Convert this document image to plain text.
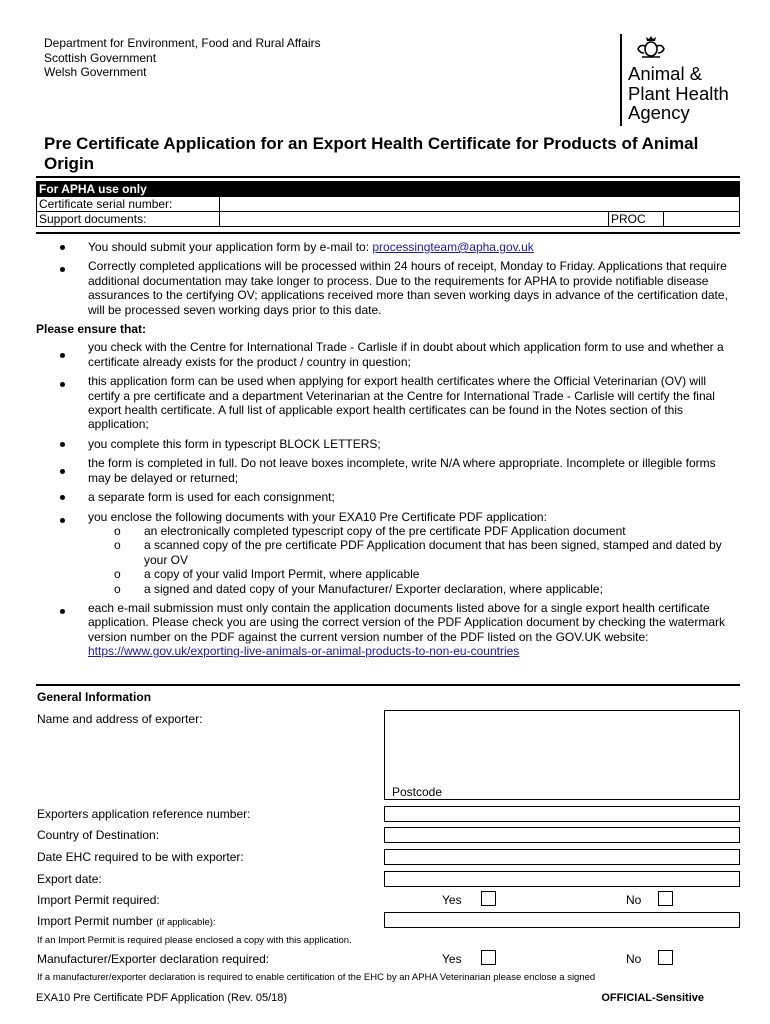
Department for Environment, Food and Rural Affairs
Scottish Government
Welsh Government	Animal &
Plant Health
Agency
Pre Certificate Application for an Export Health Certificate for Products of Animal Origin
For APHA use only			
Certificate serial number:			
Support documents:		PROC	
You should submit your application form by e-mail to: processingteam@apha.gov.uk
Correctly completed applications will be processed within 24 hours of receipt, Monday to Friday. Applications that require additional documentation may take longer to process. Due to the requirements for APHA to provide notifiable disease assurances to the certifying OV; applications received more than seven working days in advance of the certification date, will be processed seven working days prior to this date.
Please ensure that:
you check with the Centre for International Trade - Carlisle if in doubt about which application form to use and whether a certificate already exists for the product / country in question;
this application form can be used when applying for export health certificates where the Official Veterinarian (OV) will certify a pre certificate and a department Veterinarian at the Centre for International Trade - Carlisle will certify the final export health certificate. A full list of applicable export health certificates can be found in the Notes section of this application;
you complete this form in typescript BLOCK LETTERS;
the form is completed in full. Do not leave boxes incomplete, write N/A where appropriate. Incomplete or illegible forms may be delayed or returned;
a separate form is used for each consignment;
you enclose the following documents with your EXA10 Pre Certificate PDF application:
o an electronically completed typescript copy of the pre certificate PDF Application document
o a scanned copy of the pre certificate PDF Application document that has been signed, stamped and dated by your OV
o a copy of your valid Import Permit, where applicable
o a signed and dated copy of your Manufacturer/ Exporter declaration, where applicable;
each e-mail submission must only contain the application documents listed above for a single export health certificate application. Please check you are using the correct version of the PDF Application document by checking the watermark version number on the PDF against the current version number of the PDF listed on the GOV.UK website: https://www.gov.uk/exporting-live-animals-or-animal-products-to-non-eu-countries
General Information
Name and address of exporter:
Postcode
Exporters application reference number:
Country of Destination:
Date EHC required to be with exporter:
Export date:
Import Permit required:	Yes	No
Import Permit number (if applicable):
If an Import Permit is required please enclosed a copy with this application.
Manufacturer/Exporter declaration required:	Yes	No
If a manufacturer/exporter declaration is required to enable certification of the EHC by an APHA Veterinarian please enclose a signed
EXA10 Pre Certificate PDF Application (Rev. 05/18)	OFFICIAL-Sensitive
